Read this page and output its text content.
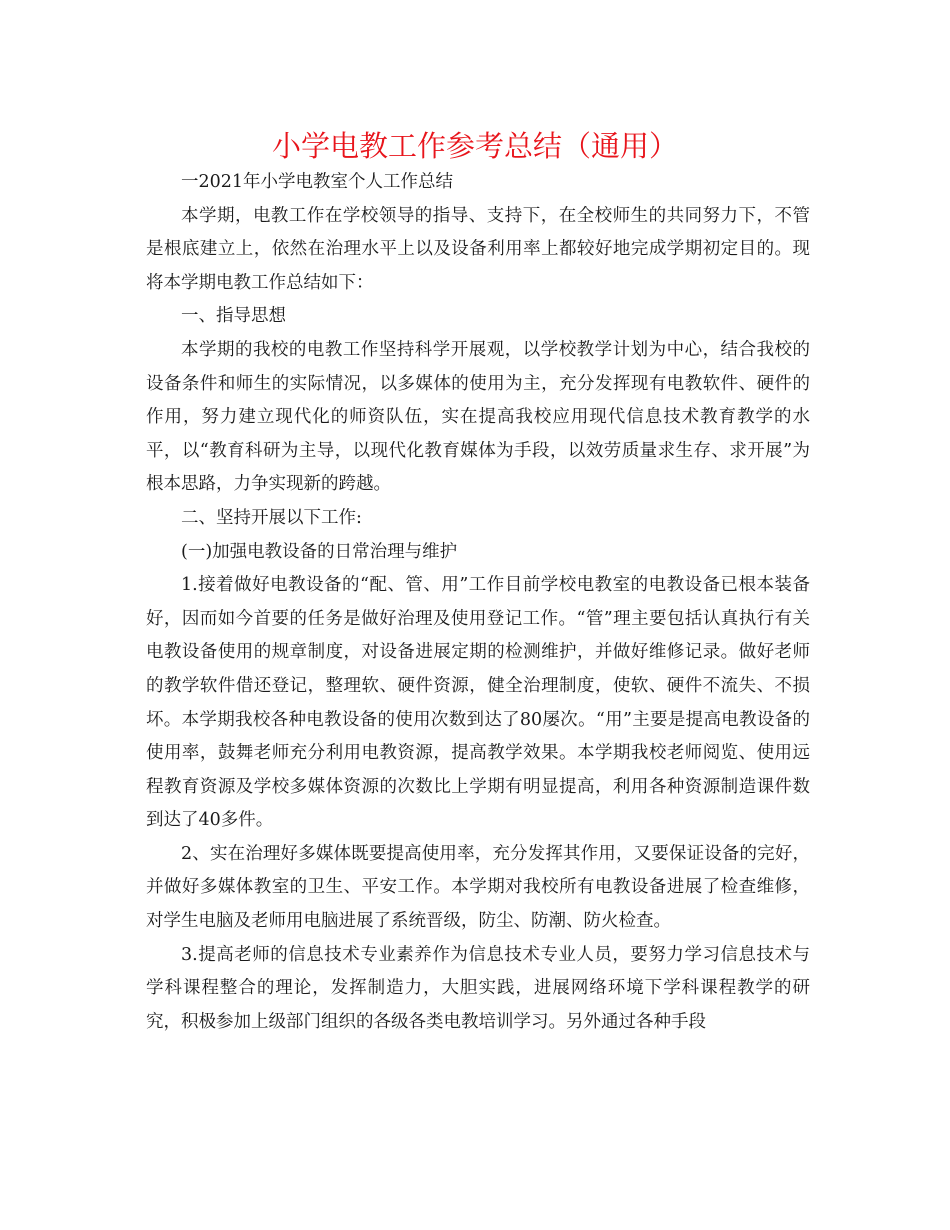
小学电教工作参考总结（通用）

一2021年小学电教室个人工作总结

本学期，电教工作在学校领导的指导、支持下，在全校师生的共同努力下，不管是根底建立上，依然在治理水平上以及设备利用率上都较好地完成学期初定目的。现将本学期电教工作总结如下：

一、指导思想

本学期的我校的电教工作坚持科学开展观，以学校教学计划为中心，结合我校的设备条件和师生的实际情况，以多媒体的使用为主，充分发挥现有电教软件、硬件的作用，努力建立现代化的师资队伍，实在提高我校应用现代信息技术教育教学的水平，以“教育科研为主导，以现代化教育媒体为手段，以效劳质量求生存、求开展”为根本思路，力争实现新的跨越。

二、坚持开展以下工作:

(一)加强电教设备的日常治理与维护

1.接着做好电教设备的“配、管、用”工作目前学校电教室的电教设备已根本装备好，因而如今首要的任务是做好治理及使用登记工作。“管”理主要包括认真执行有关电教设备使用的规章制度，对设备进展定期的检测维护，并做好维修记录。做好老师的教学软件借还登记，整理软、硬件资源，健全治理制度，使软、硬件不流失、不损坏。本学期我校各种电教设备的使用次数到达了80屡次。“用”主要是提高电教设备的使用率，鼓舞老师充分利用电教资源，提高教学效果。本学期我校老师阅览、使用远程教育资源及学校多媒体资源的次数比上学期有明显提高，利用各种资源制造课件数到达了40多件。

2、实在治理好多媒体既要提高使用率，充分发挥其作用，又要保证设备的完好，并做好多媒体教室的卫生、平安工作。本学期对我校所有电教设备进展了检查维修，对学生电脑及老师用电脑进展了系统晋级，防尘、防潮、防火检查。

3.提高老师的信息技术专业素养作为信息技术专业人员，要努力学习信息技术与学科课程整合的理论，发挥制造力，大胆实践，进展网络环境下学科课程教学的研究，积极参加上级部门组织的各级各类电教培训学习。另外通过各种手段
